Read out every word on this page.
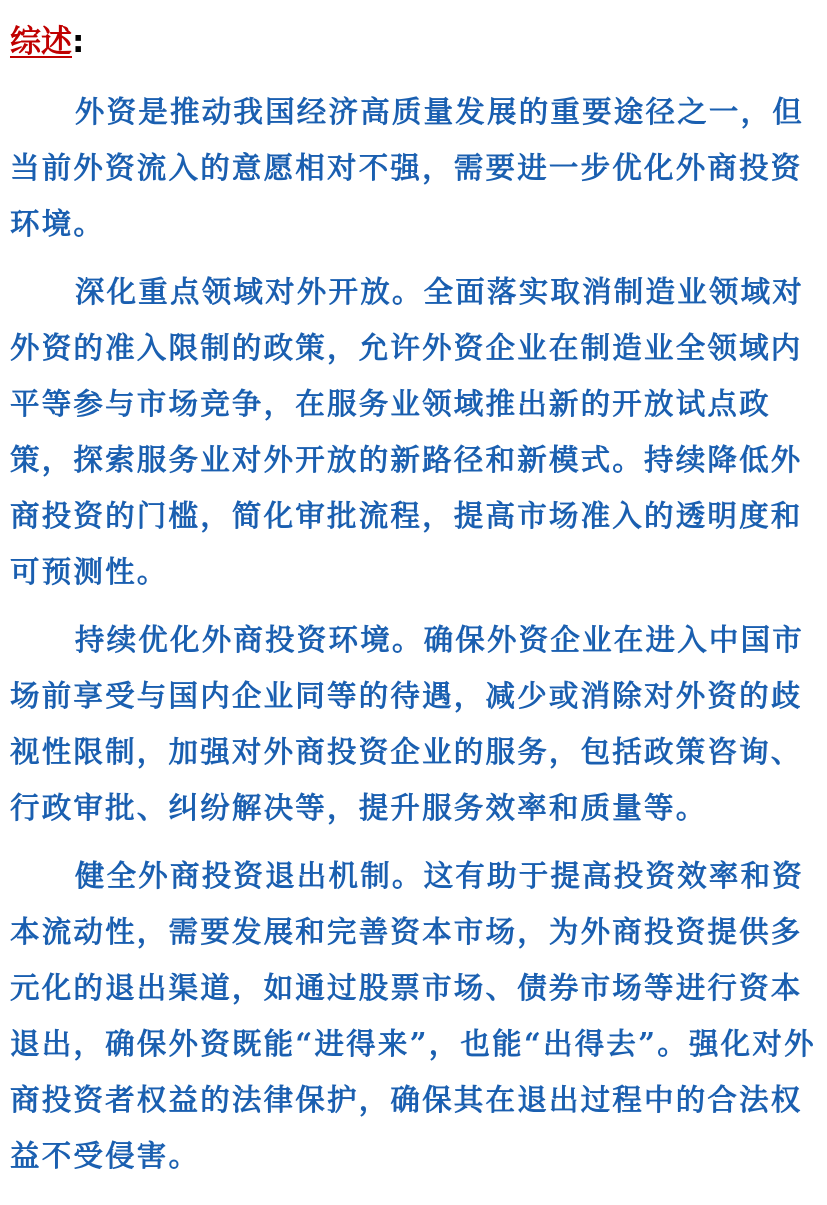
综述:

外资是推动我国经济高质量发展的重要途径之一，但当前外资流入的意愿相对不强，需要进一步优化外商投资环境。

深化重点领域对外开放。全面落实取消制造业领域对外资的准入限制的政策，允许外资企业在制造业全领域内平等参与市场竞争，在服务业领域推出新的开放试点政策，探索服务业对外开放的新路径和新模式。持续降低外商投资的门槛，简化审批流程，提高市场准入的透明度和可预测性。

持续优化外商投资环境。确保外资企业在进入中国市场前享受与国内企业同等的待遇，减少或消除对外资的歧视性限制，加强对外商投资企业的服务，包括政策咨询、行政审批、纠纷解决等，提升服务效率和质量等。

健全外商投资退出机制。这有助于提高投资效率和资本流动性，需要发展和完善资本市场，为外商投资提供多元化的退出渠道，如通过股票市场、债券市场等进行资本退出，确保外资既能“进得来”，也能“出得去”。强化对外商投资者权益的法律保护，确保其在退出过程中的合法权益不受侵害。
